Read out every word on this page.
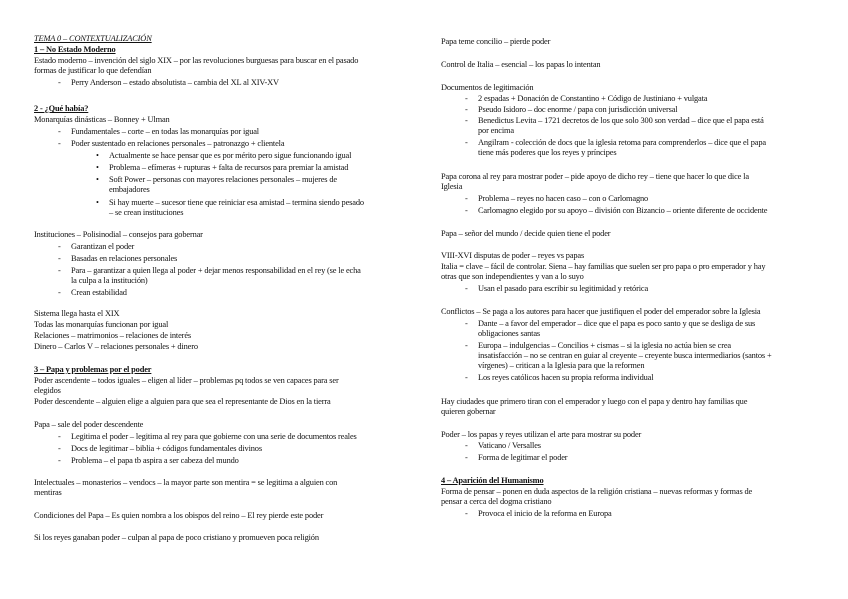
TEMA 0 – CONTEXTUALIZACIÓN
1 – No Estado Moderno
Estado moderno – invención del siglo XIX – por las revoluciones burguesas para buscar en el pasado
formas de justificar lo que defendían
- Perry Anderson – estado absolutista – cambia del XL al XIV-XV
2 - ¿Qué había?
Monarquías dinásticas – Bonney + Ulman
- Fundamentales – corte – en todas las monarquías por igual
- Poder sustentado en relaciones personales – patronazgo + clientela
• Actualmente se hace pensar que es por mérito pero sigue funcionando igual
• Problema – efímeras + rupturas + falta de recursos para premiar la amistad
• Soft Power – personas con mayores relaciones personales – mujeres de
embajadores
• Si hay muerte – sucesor tiene que reiniciar esa amistad – termina siendo pesado
– se crean instituciones
Instituciones – Polisinodial – consejos para gobernar
- Garantizan el poder
- Basadas en relaciones personales
- Para – garantizar a quien llega al poder + dejar menos responsabilidad en el rey (se le echa
la culpa a la institución)
- Crean estabilidad
Sistema llega hasta el XIX
Todas las monarquías funcionan por igual
Relaciones – matrimonios – relaciones de interés
Dinero – Carlos V – relaciones personales + dinero
3 – Papa y problemas por el poder
Poder ascendente – todos iguales – eligen al líder – problemas pq todos se ven capaces para ser
elegidos
Poder descendente – alguien elige a alguien para que sea el representante de Dios en la tierra
Papa – sale del poder descendente
- Legitima el poder – legitima al rey para que gobierne con una serie de documentos reales
- Docs de legitimar – biblia + códigos fundamentales divinos
- Problema – el papa tb aspira a ser cabeza del mundo
Intelectuales – monasterios – vendocs – la mayor parte son mentira = se legitima a alguien con
mentiras
Condiciones del Papa – Es quien nombra a los obispos del reino – El rey pierde este poder
Si los reyes ganaban poder – culpan al papa de poco cristiano y promueven poca religión
Papa teme concilio – pierde poder
Control de Italia – esencial – los papas lo intentan
Documentos de legitimación
- 2 espadas + Donación de Constantino + Código de Justiniano + vulgata
- Pseudo Isidoro – doc enorme / papa con jurisdicción universal
- Benedictus Levita – 1721 decretos de los que solo 300 son verdad – dice que el papa está
por encima
- Angilram - colección de docs que la iglesia retoma para comprenderlos – dice que el papa
tiene más poderes que los reyes y príncipes
Papa corona al rey para mostrar poder – pide apoyo de dicho rey – tiene que hacer lo que dice la
Iglesia
- Problema – reyes no hacen caso – con o Carlomagno
- Carlomagno elegido por su apoyo – división con Bizancio – oriente diferente de occidente
Papa – señor del mundo / decide quien tiene el poder
VIII-XVI disputas de poder – reyes vs papas
Italia = clave – fácil de controlar. Siena – hay familias que suelen ser pro papa o pro emperador y hay
otras que son independientes y van a lo suyo
- Usan el pasado para escribir su legitimidad y retórica
Conflictos – Se paga a los autores para hacer que justifiquen el poder del emperador sobre la Iglesia
- Dante – a favor del emperador – dice que el papa es poco santo y que se desliga de sus
obligaciones santas
- Europa – indulgencias – Concilios + cismas – si la iglesia no actúa bien se crea
insatisfacción – no se centran en guiar al creyente – creyente busca intermediarios (santos +
vírgenes) – critican a la Iglesia para que la reformen
- Los reyes católicos hacen su propia reforma individual
Hay ciudades que primero tiran con el emperador y luego con el papa y dentro hay familias que
quieren gobernar
Poder – los papas y reyes utilizan el arte para mostrar su poder
- Vaticano / Versalles
- Forma de legitimar el poder
4 – Aparición del Humanismo
Forma de pensar – ponen en duda aspectos de la religión cristiana – nuevas reformas y formas de
pensar a cerca del dogma cristiano
- Provoca el inicio de la reforma en Europa
